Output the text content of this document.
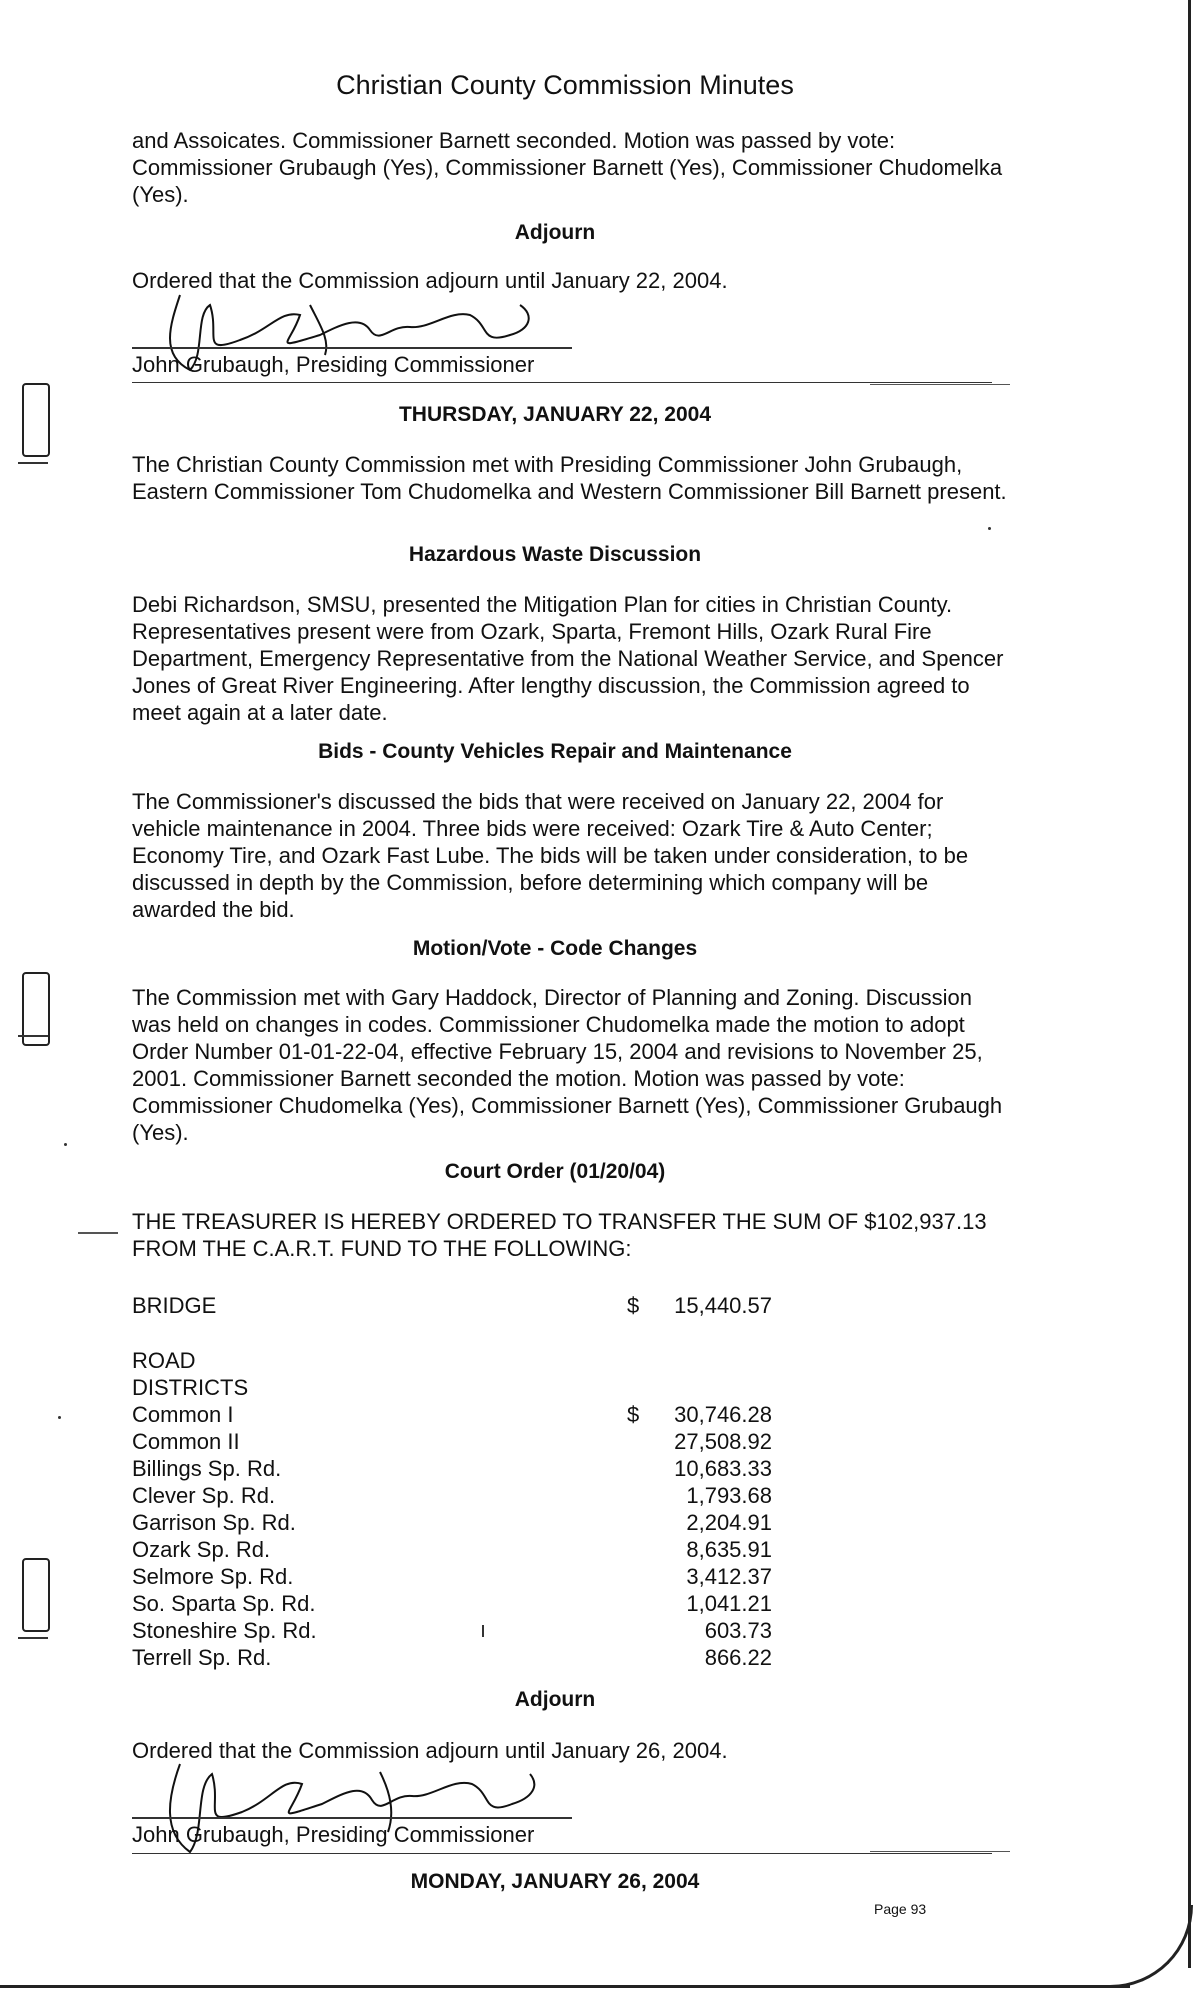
Christian County Commission Minutes
and Assoicates. Commissioner Barnett seconded. Motion was passed by vote: Commissioner Grubaugh (Yes), Commissioner Barnett (Yes), Commissioner Chudomelka (Yes).
Adjourn
Ordered that the Commission adjourn until January 22, 2004.
John Grubaugh, Presiding Commissioner
THURSDAY, JANUARY 22, 2004
The Christian County Commission met with Presiding Commissioner John Grubaugh, Eastern Commissioner Tom Chudomelka and Western Commissioner Bill Barnett present.
Hazardous Waste Discussion
Debi Richardson, SMSU, presented the Mitigation Plan for cities in Christian County. Representatives present were from Ozark, Sparta, Fremont Hills, Ozark Rural Fire Department, Emergency Representative from the National Weather Service, and Spencer Jones of Great River Engineering. After lengthy discussion, the Commission agreed to meet again at a later date.
Bids - County Vehicles Repair and Maintenance
The Commissioner's discussed the bids that were received on January 22, 2004 for vehicle maintenance in 2004. Three bids were received: Ozark Tire & Auto Center; Economy Tire, and Ozark Fast Lube. The bids will be taken under consideration, to be discussed in depth by the Commission, before determining which company will be awarded the bid.
Motion/Vote - Code Changes
The Commission met with Gary Haddock, Director of Planning and Zoning. Discussion was held on changes in codes. Commissioner Chudomelka made the motion to adopt Order Number 01-01-22-04, effective February 15, 2004 and revisions to November 25, 2001. Commissioner Barnett seconded the motion. Motion was passed by vote: Commissioner Chudomelka (Yes), Commissioner Barnett (Yes), Commissioner Grubaugh (Yes).
Court Order (01/20/04)
THE TREASURER IS HEREBY ORDERED TO TRANSFER THE SUM OF $102,937.13 FROM THE C.A.R.T. FUND TO THE FOLLOWING:
BRIDGE	$ 15,440.57
ROAD
DISTRICTS
Common I	$ 30,746.28
Common II	27,508.92
Billings Sp. Rd.	10,683.33
Clever Sp. Rd.	1,793.68
Garrison Sp. Rd.	2,204.91
Ozark Sp. Rd.	8,635.91
Selmore Sp. Rd.	3,412.37
So. Sparta Sp. Rd.	1,041.21
Stoneshire Sp. Rd.	603.73
Terrell Sp. Rd.	866.22
Adjourn
Ordered that the Commission adjourn until January 26, 2004.
John Grubaugh, Presiding Commissioner
MONDAY, JANUARY 26, 2004
Page 93
